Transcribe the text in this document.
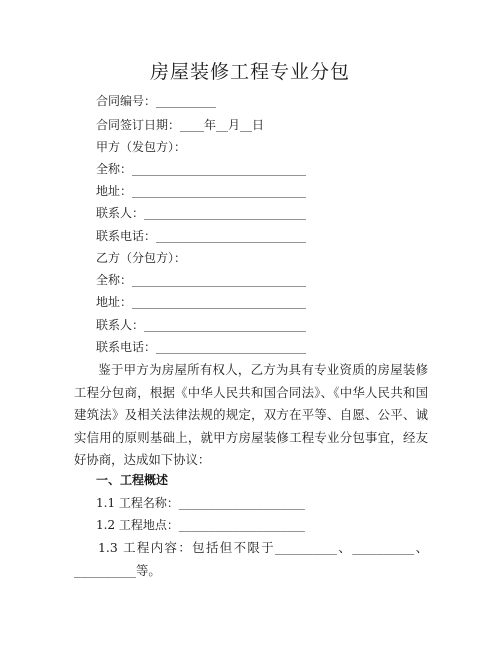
房屋装修工程专业分包
合同编号：__________
合同签订日期：____年__月__日
甲方（发包方）：
全称：_____________________________
地址：_____________________________
联系人：___________________________
联系电话：_________________________
乙方（分包方）：
全称：_____________________________
地址：_____________________________
联系人：___________________________
联系电话：_________________________
鉴于甲方为房屋所有权人，乙方为具有专业资质的房屋装修工程分包商，根据《中华人民共和国合同法》、《中华人民共和国建筑法》及相关法律法规的规定，双方在平等、自愿、公平、诚实信用的原则基础上，就甲方房屋装修工程专业分包事宜，经友好协商，达成如下协议：
一、工程概述
1.1 工程名称：_____________________
1.2 工程地点：_____________________
1.3 工程内容：包括但不限于__________、__________、__________等。
